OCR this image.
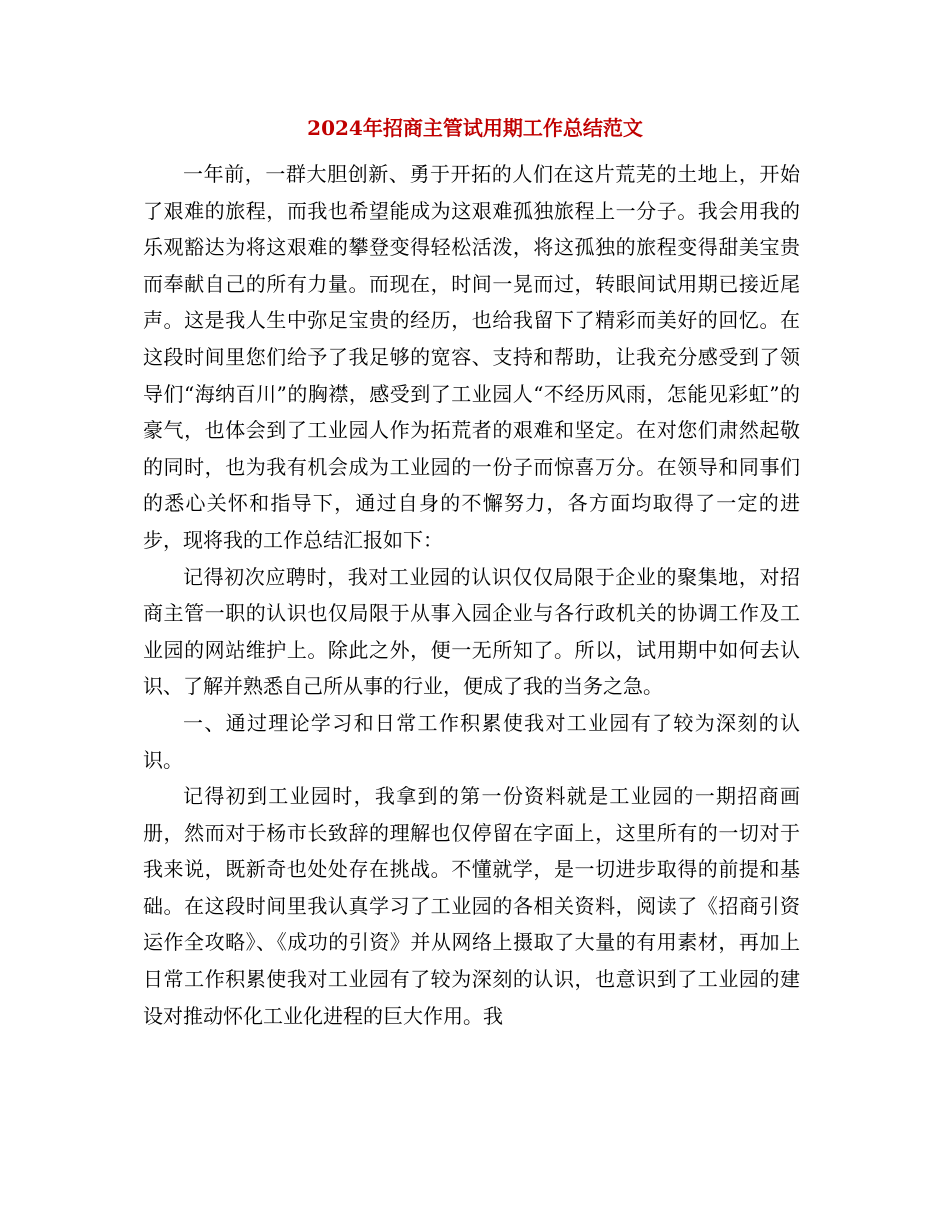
2024年招商主管试用期工作总结范文

一年前，一群大胆创新、勇于开拓的人们在这片荒芜的土地上，开始了艰难的旅程，而我也希望能成为这艰难孤独旅程上一分子。我会用我的乐观豁达为将这艰难的攀登变得轻松活泼，将这孤独的旅程变得甜美宝贵而奉献自己的所有力量。而现在，时间一晃而过，转眼间试用期已接近尾声。这是我人生中弥足宝贵的经历，也给我留下了精彩而美好的回忆。在这段时间里您们给予了我足够的宽容、支持和帮助，让我充分感受到了领导们“海纳百川”的胸襟，感受到了工业园人“不经历风雨，怎能见彩虹”的豪气，也体会到了工业园人作为拓荒者的艰难和坚定。在对您们肃然起敬的同时，也为我有机会成为工业园的一份子而惊喜万分。在领导和同事们的悉心关怀和指导下，通过自身的不懈努力，各方面均取得了一定的进步，现将我的工作总结汇报如下：

记得初次应聘时，我对工业园的认识仅仅局限于企业的聚集地，对招商主管一职的认识也仅局限于从事入园企业与各行政机关的协调工作及工业园的网站维护上。除此之外，便一无所知了。所以，试用期中如何去认识、了解并熟悉自己所从事的行业，便成了我的当务之急。

一、通过理论学习和日常工作积累使我对工业园有了较为深刻的认识。

记得初到工业园时，我拿到的第一份资料就是工业园的一期招商画册，然而对于杨市长致辞的理解也仅停留在字面上，这里所有的一切对于我来说，既新奇也处处存在挑战。不懂就学，是一切进步取得的前提和基础。在这段时间里我认真学习了工业园的各相关资料，阅读了《招商引资运作全攻略》、《成功的引资》并从网络上摄取了大量的有用素材，再加上日常工作积累使我对工业园有了较为深刻的认识，也意识到了工业园的建设对推动怀化工业化进程的巨大作用。我
